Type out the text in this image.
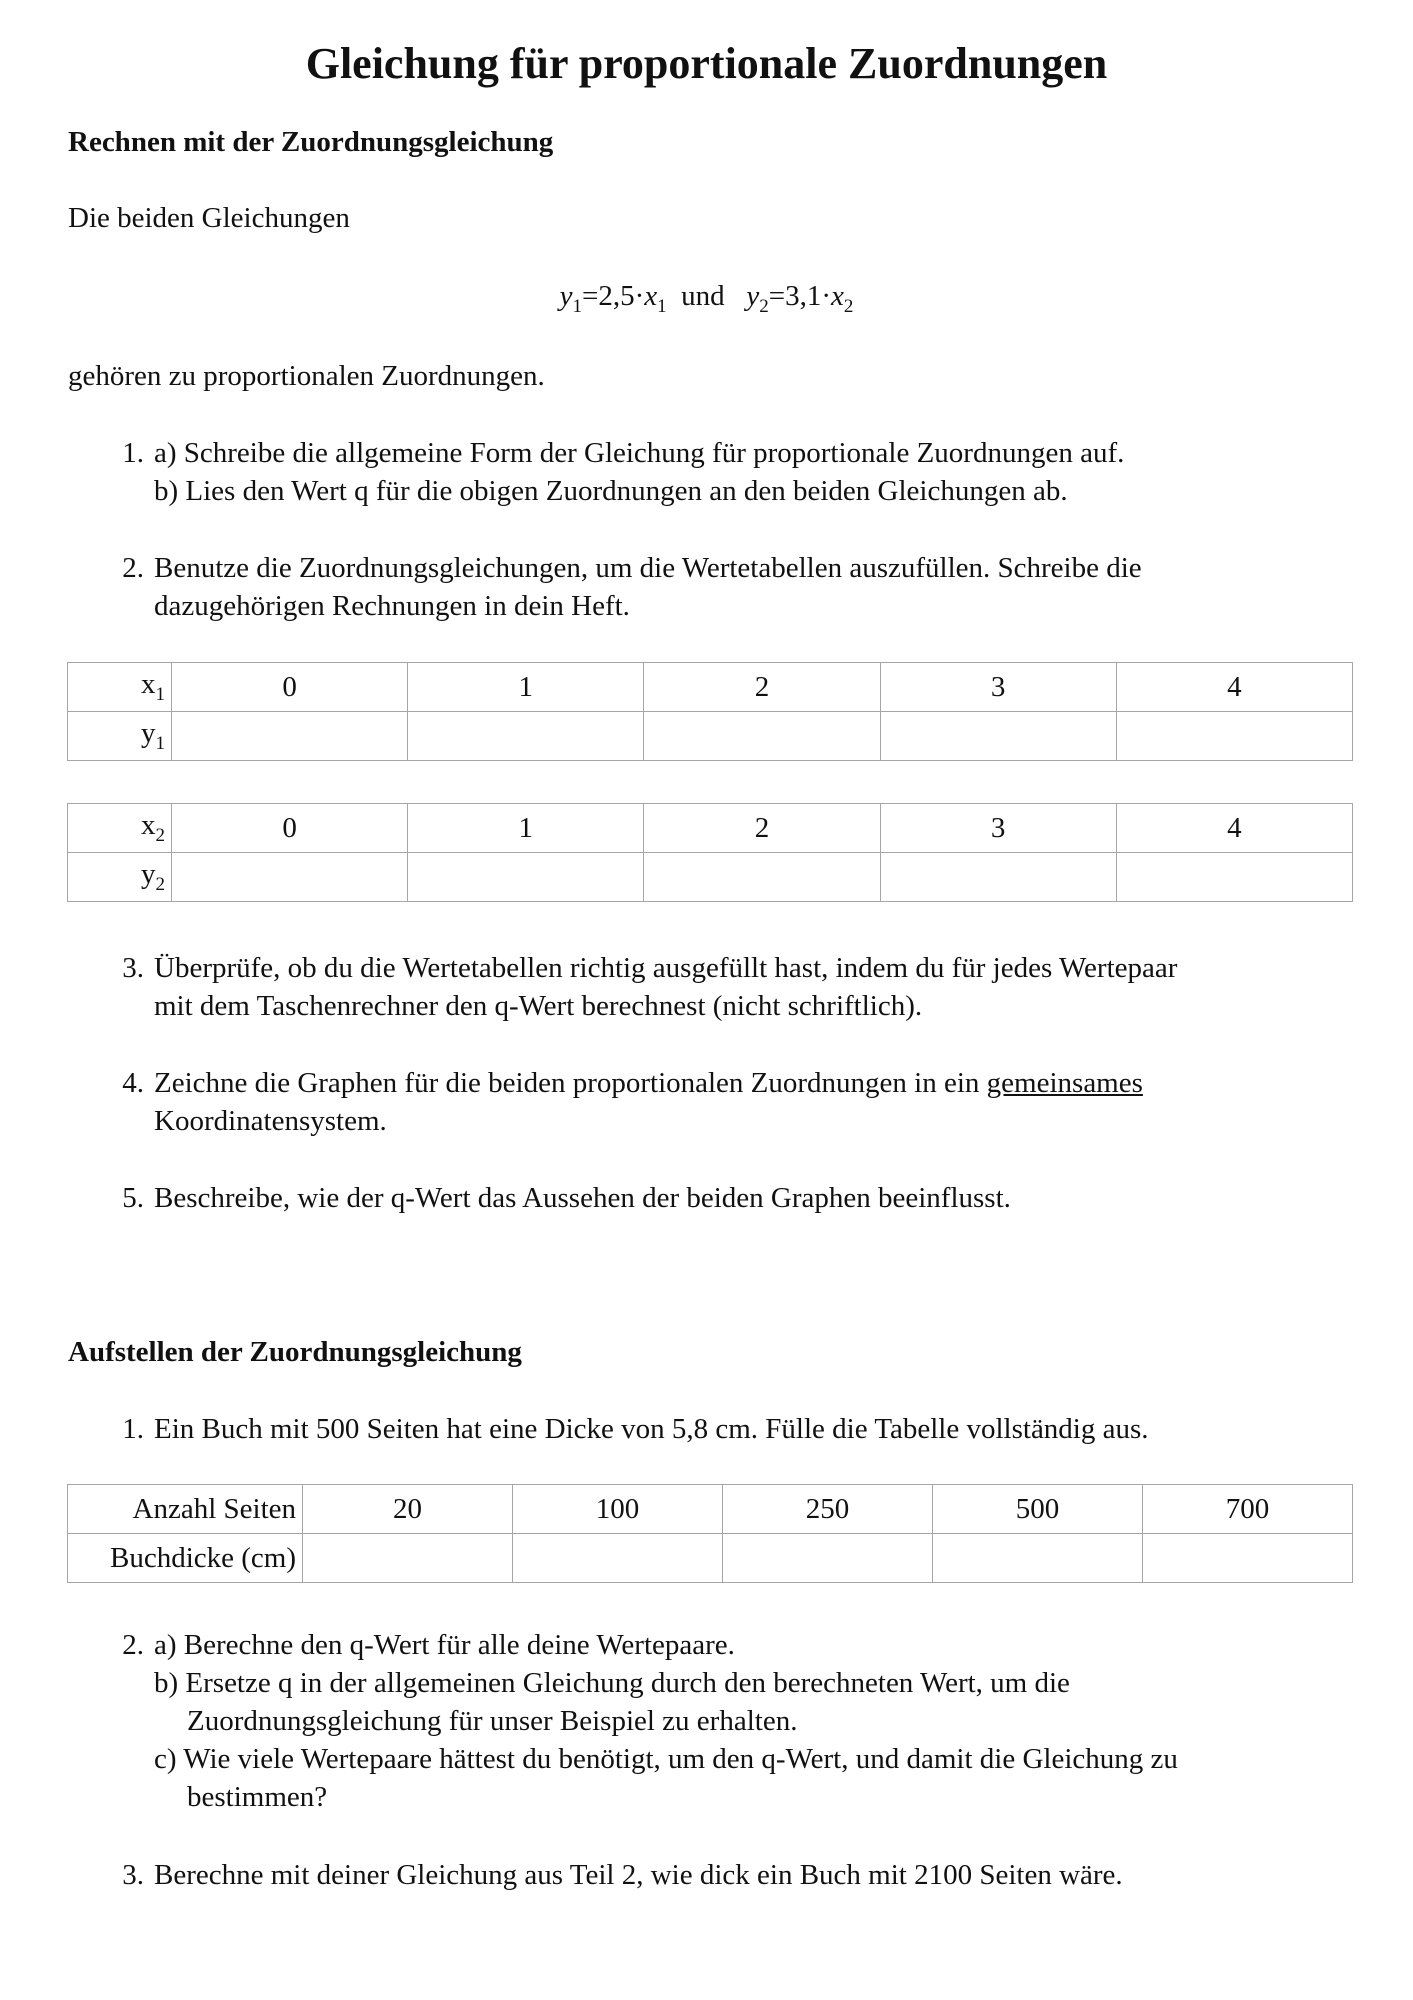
Gleichung für proportionale Zuordnungen
Rechnen mit der Zuordnungsgleichung
Die beiden Gleichungen
$y_1=2,5\cdot x_1$ und $y_2=3,1\cdot x_2$
gehören zu proportionalen Zuordnungen.
1. a) Schreibe die allgemeine Form der Gleichung für proportionale Zuordnungen auf.
b) Lies den Wert q für die obigen Zuordnungen an den beiden Gleichungen ab.
2. Benutze die Zuordnungsgleichungen, um die Wertetabellen auszufüllen. Schreibe die
dazugehörigen Rechnungen in dein Heft.
$x_1$	0	1	2	3	4
$y_1$					
$x_2$	0	1	2	3	4
$y_2$					
3. Überprüfe, ob du die Wertetabellen richtig ausgefüllt hast, indem du für jedes Wertepaar
mit dem Taschenrechner den q-Wert berechnest (nicht schriftlich).
4. Zeichne die Graphen für die beiden proportionalen Zuordnungen in ein gemeinsames
Koordinatensystem.
5. Beschreibe, wie der q-Wert das Aussehen der beiden Graphen beeinflusst.
Aufstellen der Zuordnungsgleichung
1. Ein Buch mit 500 Seiten hat eine Dicke von 5,8 cm. Fülle die Tabelle vollständig aus.
Anzahl Seiten	20	100	250	500	700
Buchdicke (cm)					
2. a) Berechne den q-Wert für alle deine Wertepaare.
b) Ersetze q in der allgemeinen Gleichung durch den berechneten Wert, um die
Zuordnungsgleichung für unser Beispiel zu erhalten.
c) Wie viele Wertepaare hättest du benötigt, um den q-Wert, und damit die Gleichung zu
bestimmen?
3. Berechne mit deiner Gleichung aus Teil 2, wie dick ein Buch mit 2100 Seiten wäre.
